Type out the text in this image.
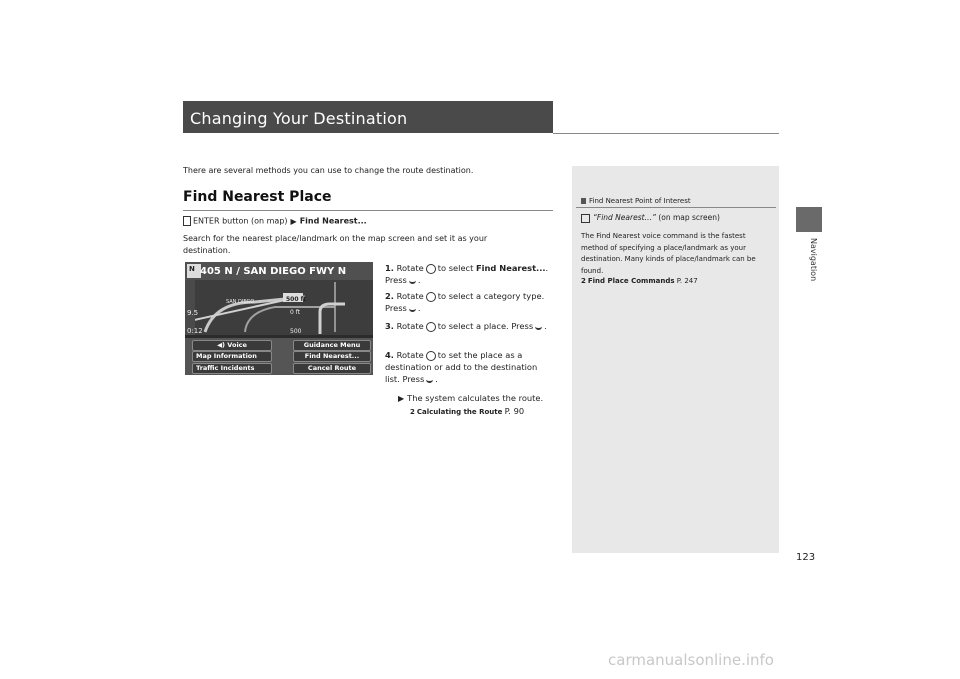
Changing Your Destination
Navigation
There are several methods you can use to change the route destination.
Find Nearest Place
ENTER button (on map) ▶ Find Nearest...
Search for the nearest place/landmark on the map screen and set it as your destination.
405 N / SAN DIEGO FWY N
N
SAN DIEGO	500 ft
0 ft
500
9.5
0:12
◀) Voice	Guidance Menu
Map Information	Find Nearest...
Traffic Incidents	Cancel Route
1. Rotate to select Find Nearest.... Press .
2. Rotate to select a category type. Press .
3. Rotate to select a place. Press .
4. Rotate to set the place as a destination or add to the destination list. Press .
▶ The system calculates the route.
2 Calculating the Route P. 90
Find Nearest Point of Interest
“Find Nearest…” (on map screen)
The Find Nearest voice command is the fastest method of specifying a place/landmark as your destination. Many kinds of place/landmark can be found.
2 Find Place Commands P. 247
123
carmanualsonline.info
